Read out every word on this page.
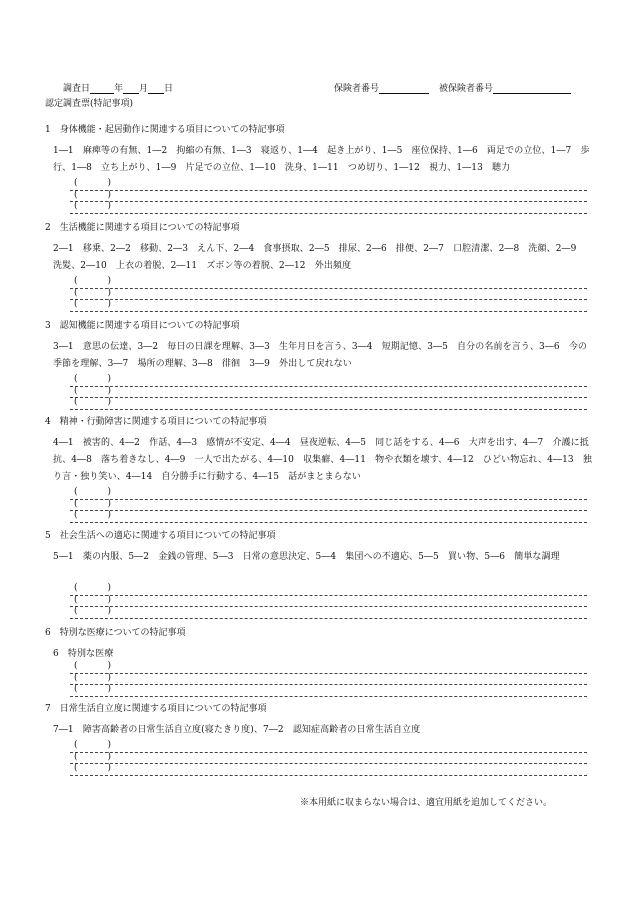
調査日	年 月 日	保険者番号	被保険者番号
認定調査票(特記事項)
1　身体機能・起居動作に関連する項目についての特記事項
1―1　麻痺等の有無、1―2　拘縮の有無、1―3　寝返り、1―4　起き上がり、1―5　座位保持、1―6　両足での立位、1―7　歩行、1―8　立ち上がり、1―9　片足での立位、1―10　洗身、1―11　つめ切り、1―12　視力、1―13　聴力
(	)
(	)
(	)
2　生活機能に関連する項目についての特記事項
2―1　移乗、2―2　移動、2―3　えん下、2―4　食事摂取、2―5　排尿、2―6　排便、2―7　口腔清潔、2―8　洗顔、2―9　洗髪、2―10　上衣の着脱、2―11　ズボン等の着脱、2―12　外出頻度
(	)
(	)
(	)
3　認知機能に関連する項目についての特記事項
3―1　意思の伝達、3―2　毎日の日課を理解、3―3　生年月日を言う、3―4　短期記憶、3―5　自分の名前を言う、3―6　今の季節を理解、3―7　場所の理解、3―8　徘徊　3―9　外出して戻れない
(	)
(	)
(	)
4　精神・行動障害に関連する項目についての特記事項
4―1　被害的、4―2　作話、4―3　感情が不安定、4―4　昼夜逆転、4―5　同じ話をする、4―6　大声を出す、4―7　介護に抵抗、4―8　落ち着きなし、4―9　一人で出たがる、4―10　収集癖、4―11　物や衣類を壊す、4―12　ひどい物忘れ、4―13　独り言・独り笑い、4―14　自分勝手に行動する、4―15　話がまとまらない
(	)
(	)
(	)
5　社会生活への適応に関連する項目についての特記事項
5―1　薬の内服、5―2　金銭の管理、5―3　日常の意思決定、5―4　集団への不適応、5―5　買い物、5―6　簡単な調理
(	)
(	)
(	)
6　特別な医療についての特記事項
6　特別な医療
(	)
(	)
(	)
7　日常生活自立度に関連する項目についての特記事項
7―1　障害高齢者の日常生活自立度(寝たきり度)、7―2　認知症高齢者の日常生活自立度
(	)
(	)
(	)
※本用紙に収まらない場合は、適宜用紙を追加してください。
